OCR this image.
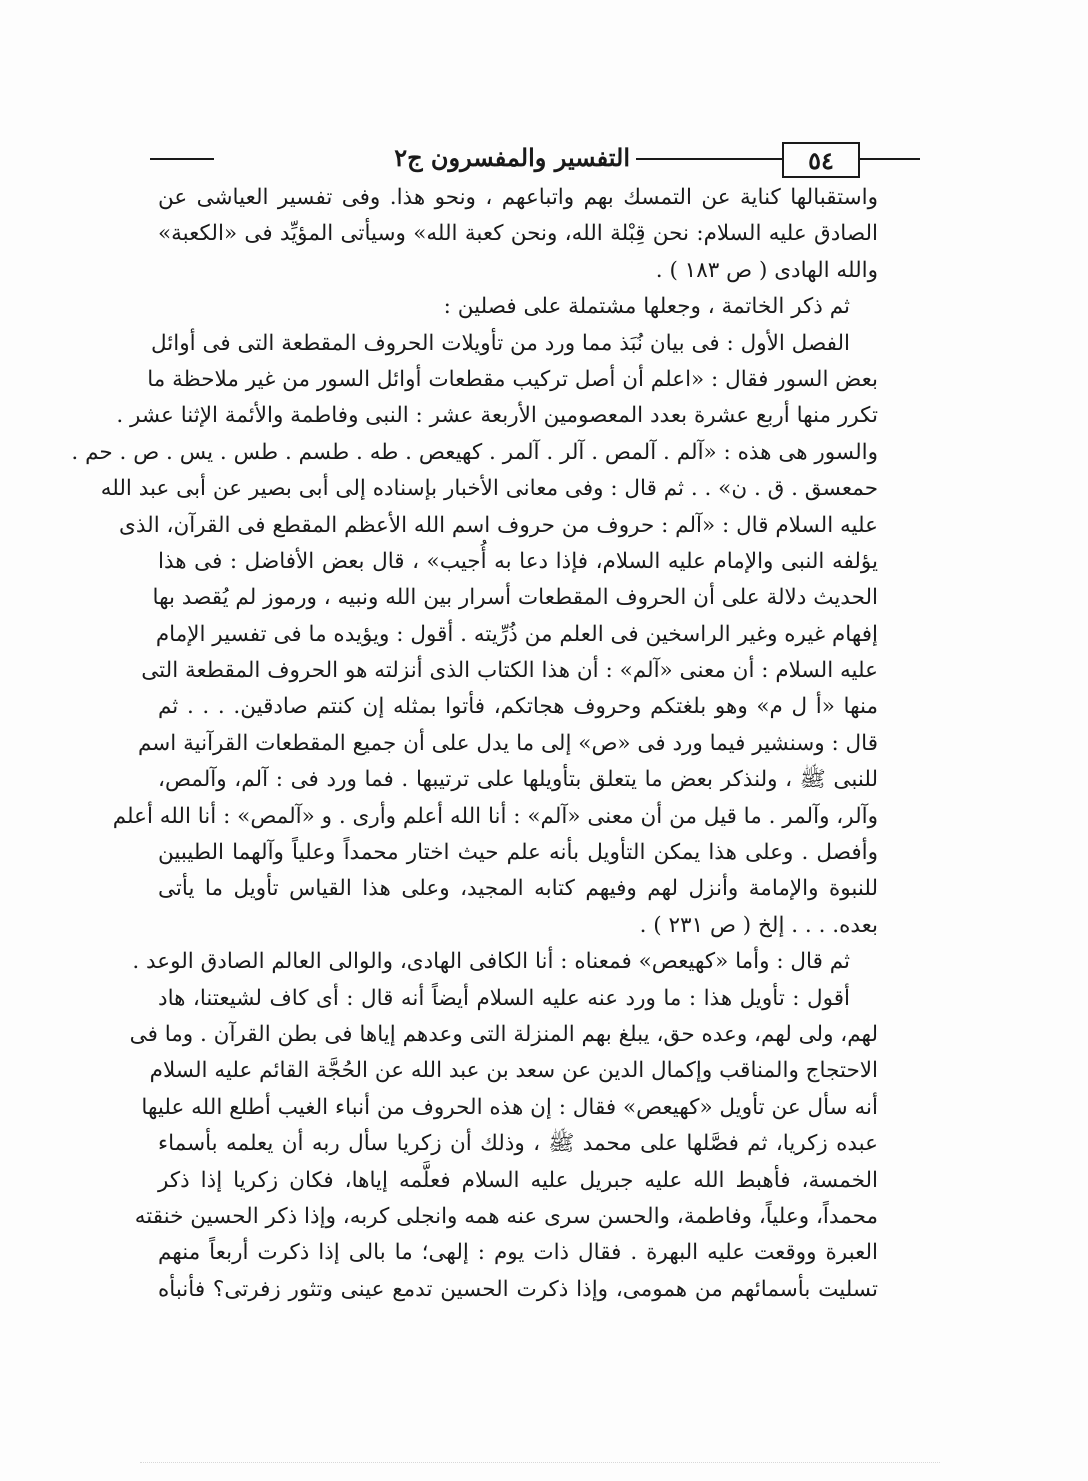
٥٤
التفسير والمفسرون ج٢
واستقبالها كناية عن التمسك بهم واتباعهم ، ونحو هذا. وفى تفسير العياشى عن
الصادق عليه السلام: نحن قِبْلة الله، ونحن كعبة الله» وسيأتى المؤيِّد فى «الكعبة»
والله الهادى ( ص ١٨٣ ) .
ثم ذكر الخاتمة ، وجعلها مشتملة على فصلين :
الفصل الأول : فى بيان نُبَذ مما ورد من تأويلات الحروف المقطعة التى فى أوائل
بعض السور فقال : «اعلم أن أصل تركيب مقطعات أوائل السور من غير ملاحظة ما
تكرر منها أربع عشرة بعدد المعصومين الأربعة عشر : النبى وفاطمة والأئمة الإثنا عشر .
والسور هى هذه : «آلم . آلمص . آلر . آلمر . كهيعص . طه . طسم . طس . يس . ص . حم .
حمعسق . ق . ن» . . ثم قال : وفى معانى الأخبار بإسناده إلى أبى بصير عن أبى عبد الله
عليه السلام قال : «آلم : حروف من حروف اسم الله الأعظم المقطع فى القرآن، الذى
يؤلفه النبى والإمام عليه السلام، فإذا دعا به أُجيب» ، قال بعض الأفاضل : فى هذا
الحديث دلالة على أن الحروف المقطعات أسرار بين الله ونبيه ، ورموز لم يُقصد بها
إفهام غيره وغير الراسخين فى العلم من ذُرِّيته . أقول : ويؤيده ما فى تفسير الإمام
عليه السلام : أن معنى «آلم» : أن هذا الكتاب الذى أنزلته هو الحروف المقطعة التى
منها «أ ل م» وهو بلغتكم وحروف هجاتكم، فأتوا بمثله إن كنتم صادقين. . . . ثم
قال : وسنشير فيما ورد فى «ص» إلى ما يدل على أن جميع المقطعات القرآنية اسم
للنبى ﷺ ، ولنذكر بعض ما يتعلق بتأويلها على ترتيبها . فما ورد فى : آلم، وآلمص،
وآلر، وآلمر . ما قيل من أن معنى «آلم» : أنا الله أعلم وأرى . و «آلمص» : أنا الله أعلم
وأفصل . وعلى هذا يمكن التأويل بأنه علم حيث اختار محمداً وعلياً وآلهما الطيبين
للنبوة والإمامة وأنزل لهم وفيهم كتابه المجيد، وعلى هذا القياس تأويل ما يأتى
بعده. . . . إلخ ( ص ٢٣١ ) .
ثم قال : وأما «كهيعص» فمعناه : أنا الكافى الهادى، والوالى العالم الصادق الوعد .
أقول : تأويل هذا : ما ورد عنه عليه السلام أيضاً أنه قال : أى كاف لشيعتنا، هاد
لهم، ولى لهم، وعده حق، يبلغ بهم المنزلة التى وعدهم إياها فى بطن القرآن . وما فى
الاحتجاج والمناقب وإكمال الدين عن سعد بن عبد الله عن الحُجَّة القائم عليه السلام
أنه سأل عن تأويل «كهيعص» فقال : إن هذه الحروف من أنباء الغيب أطلع الله عليها
عبده زكريا، ثم فصَّلها على محمد ﷺ ، وذلك أن زكريا سأل ربه أن يعلمه بأسماء
الخمسة، فأهبط الله عليه جبريل عليه السلام فعلَّمه إياها، فكان زكريا إذا ذكر
محمداً، وعلياً، وفاطمة، والحسن سرى عنه همه وانجلى كربه، وإذا ذكر الحسين خنقته
العبرة ووقعت عليه البهرة . فقال ذات يوم : إلهى؛ ما بالى إذا ذكرت أربعاً منهم
تسليت بأسمائهم من همومى، وإذا ذكرت الحسين تدمع عينى وتثور زفرتى؟ فأنبأه
